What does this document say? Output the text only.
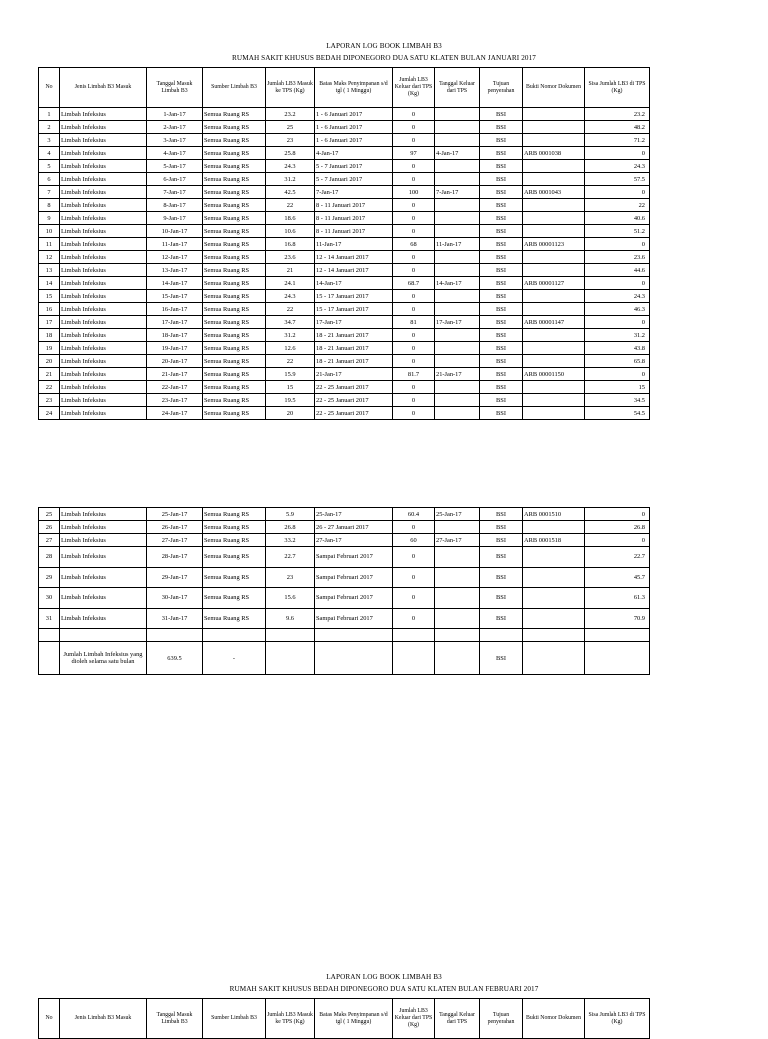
LAPORAN LOG BOOK LIMBAH B3
RUMAH SAKIT KHUSUS BEDAH DIPONEGORO DUA SATU KLATEN BULAN JANUARI 2017
No	Jenis Limbah B3 Masuk	Tanggal Masuk Limbah B3	Sumber Limbah B3	Jumlah LB3 Masuk ke TPS (Kg)	Batas Maks Penyimpanan s/d tgl ( 1 Minggu)	Jumlah LB3 Keluar dari TPS (Kg)	Tanggal Keluar dari TPS	Tujuan penyerahan	Bukti Nomor Dokumen	Sisa Jumlah LB3 di TPS (Kg)
1	Limbah Infeksius	1-Jan-17	Semua Ruang RS	23.2	1 - 6 Januari 2017	0		BSI		23.2
2	Limbah Infeksius	2-Jan-17	Semua Ruang RS	25	1 - 6 Januari 2017	0		BSI		48.2
3	Limbah Infeksius	3-Jan-17	Semua Ruang RS	23	1 - 6 Januari 2017	0		BSI		71.2
4	Limbah Infeksius	4-Jan-17	Semua Ruang RS	25.8	4-Jan-17	97	4-Jan-17	BSI	ARB 0001038	0
5	Limbah Infeksius	5-Jan-17	Semua Ruang RS	24.3	5 - 7 Januari 2017	0		BSI		24.3
6	Limbah Infeksius	6-Jan-17	Semua Ruang RS	31.2	5 - 7 Januari 2017	0		BSI		57.5
7	Limbah Infeksius	7-Jan-17	Semua Ruang RS	42.5	7-Jan-17	100	7-Jan-17	BSI	ARB 0001043	0
8	Limbah Infeksius	8-Jan-17	Semua Ruang RS	22	8 - 11 Januari 2017	0		BSI		22
9	Limbah Infeksius	9-Jan-17	Semua Ruang RS	18.6	8 - 11 Januari 2017	0		BSI		40.6
10	Limbah Infeksius	10-Jan-17	Semua Ruang RS	10.6	8 - 11 Januari 2017	0		BSI		51.2
11	Limbah Infeksius	11-Jan-17	Semua Ruang RS	16.8	11-Jan-17	68	11-Jan-17	BSI	ARB 00001123	0
12	Limbah Infeksius	12-Jan-17	Semua Ruang RS	23.6	12 - 14 Januari 2017	0		BSI		23.6
13	Limbah Infeksius	13-Jan-17	Semua Ruang RS	21	12 - 14 Januari 2017	0		BSI		44.6
14	Limbah Infeksius	14-Jan-17	Semua Ruang RS	24.1	14-Jan-17	68.7	14-Jan-17	BSI	ARB 00001127	0
15	Limbah Infeksius	15-Jan-17	Semua Ruang RS	24.3	15 - 17 Januari 2017	0		BSI		24.3
16	Limbah Infeksius	16-Jan-17	Semua Ruang RS	22	15 - 17 Januari 2017	0		BSI		46.3
17	Limbah Infeksius	17-Jan-17	Semua Ruang RS	34.7	17-Jan-17	81	17-Jan-17	BSI	ARB 00001147	0
18	Limbah Infeksius	18-Jan-17	Semua Ruang RS	31.2	18 - 21 Januari 2017	0		BSI		31.2
19	Limbah Infeksius	19-Jan-17	Semua Ruang RS	12.6	18 - 21 Januari 2017	0		BSI		43.8
20	Limbah Infeksius	20-Jan-17	Semua Ruang RS	22	18 - 21 Januari 2017	0		BSI		65.8
21	Limbah Infeksius	21-Jan-17	Semua Ruang RS	15.9	21-Jan-17	81.7	21-Jan-17	BSI	ARB 00001150	0
22	Limbah Infeksius	22-Jan-17	Semua Ruang RS	15	22 - 25 Januari 2017	0		BSI		15
23	Limbah Infeksius	23-Jan-17	Semua Ruang RS	19.5	22 - 25 Januari 2017	0		BSI		34.5
24	Limbah Infeksius	24-Jan-17	Semua Ruang RS	20	22 - 25 Januari 2017	0		BSI		54.5
25	Limbah Infeksius	25-Jan-17	Semua Ruang RS	5.9	25-Jan-17	60.4	25-Jan-17	BSI	ARB 0001510	0
26	Limbah Infeksius	26-Jan-17	Semua Ruang RS	26.8	26 - 27 Januari 2017	0		BSI		26.8
27	Limbah Infeksius	27-Jan-17	Semua Ruang RS	33.2	27-Jan-17	60	27-Jan-17	BSI	ARB 0001518	0
28	Limbah Infeksius	28-Jan-17	Semua Ruang RS	22.7	Sampai Februari 2017	0		BSI		22.7
29	Limbah Infeksius	29-Jan-17	Semua Ruang RS	23	Sampai Februari 2017	0		BSI		45.7
30	Limbah Infeksius	30-Jan-17	Semua Ruang RS	15.6	Sampai Februari 2017	0		BSI		61.3
31	Limbah Infeksius	31-Jan-17	Semua Ruang RS	9.6	Sampai Februari 2017	0		BSI		70.9

	Jumlah Limbah Infeksius yang dioleh selama satu bulan	639.5	-					BSI		
LAPORAN LOG BOOK LIMBAH B3
RUMAH SAKIT KHUSUS BEDAH DIPONEGORO DUA SATU KLATEN BULAN FEBRUARI 2017
No	Jenis Limbah B3 Masuk	Tanggal Masuk Limbah B3	Sumber Limbah B3	Jumlah LB3 Masuk ke TPS (Kg)	Batas Maks Penyimpanan s/d tgl ( 1 Minggu)	Jumlah LB3 Keluar dari TPS (Kg)	Tanggal Keluar dari TPS	Tujuan penyerahan	Bukti Nomor Dokumen	Sisa Jumlah LB3 di TPS (Kg)
